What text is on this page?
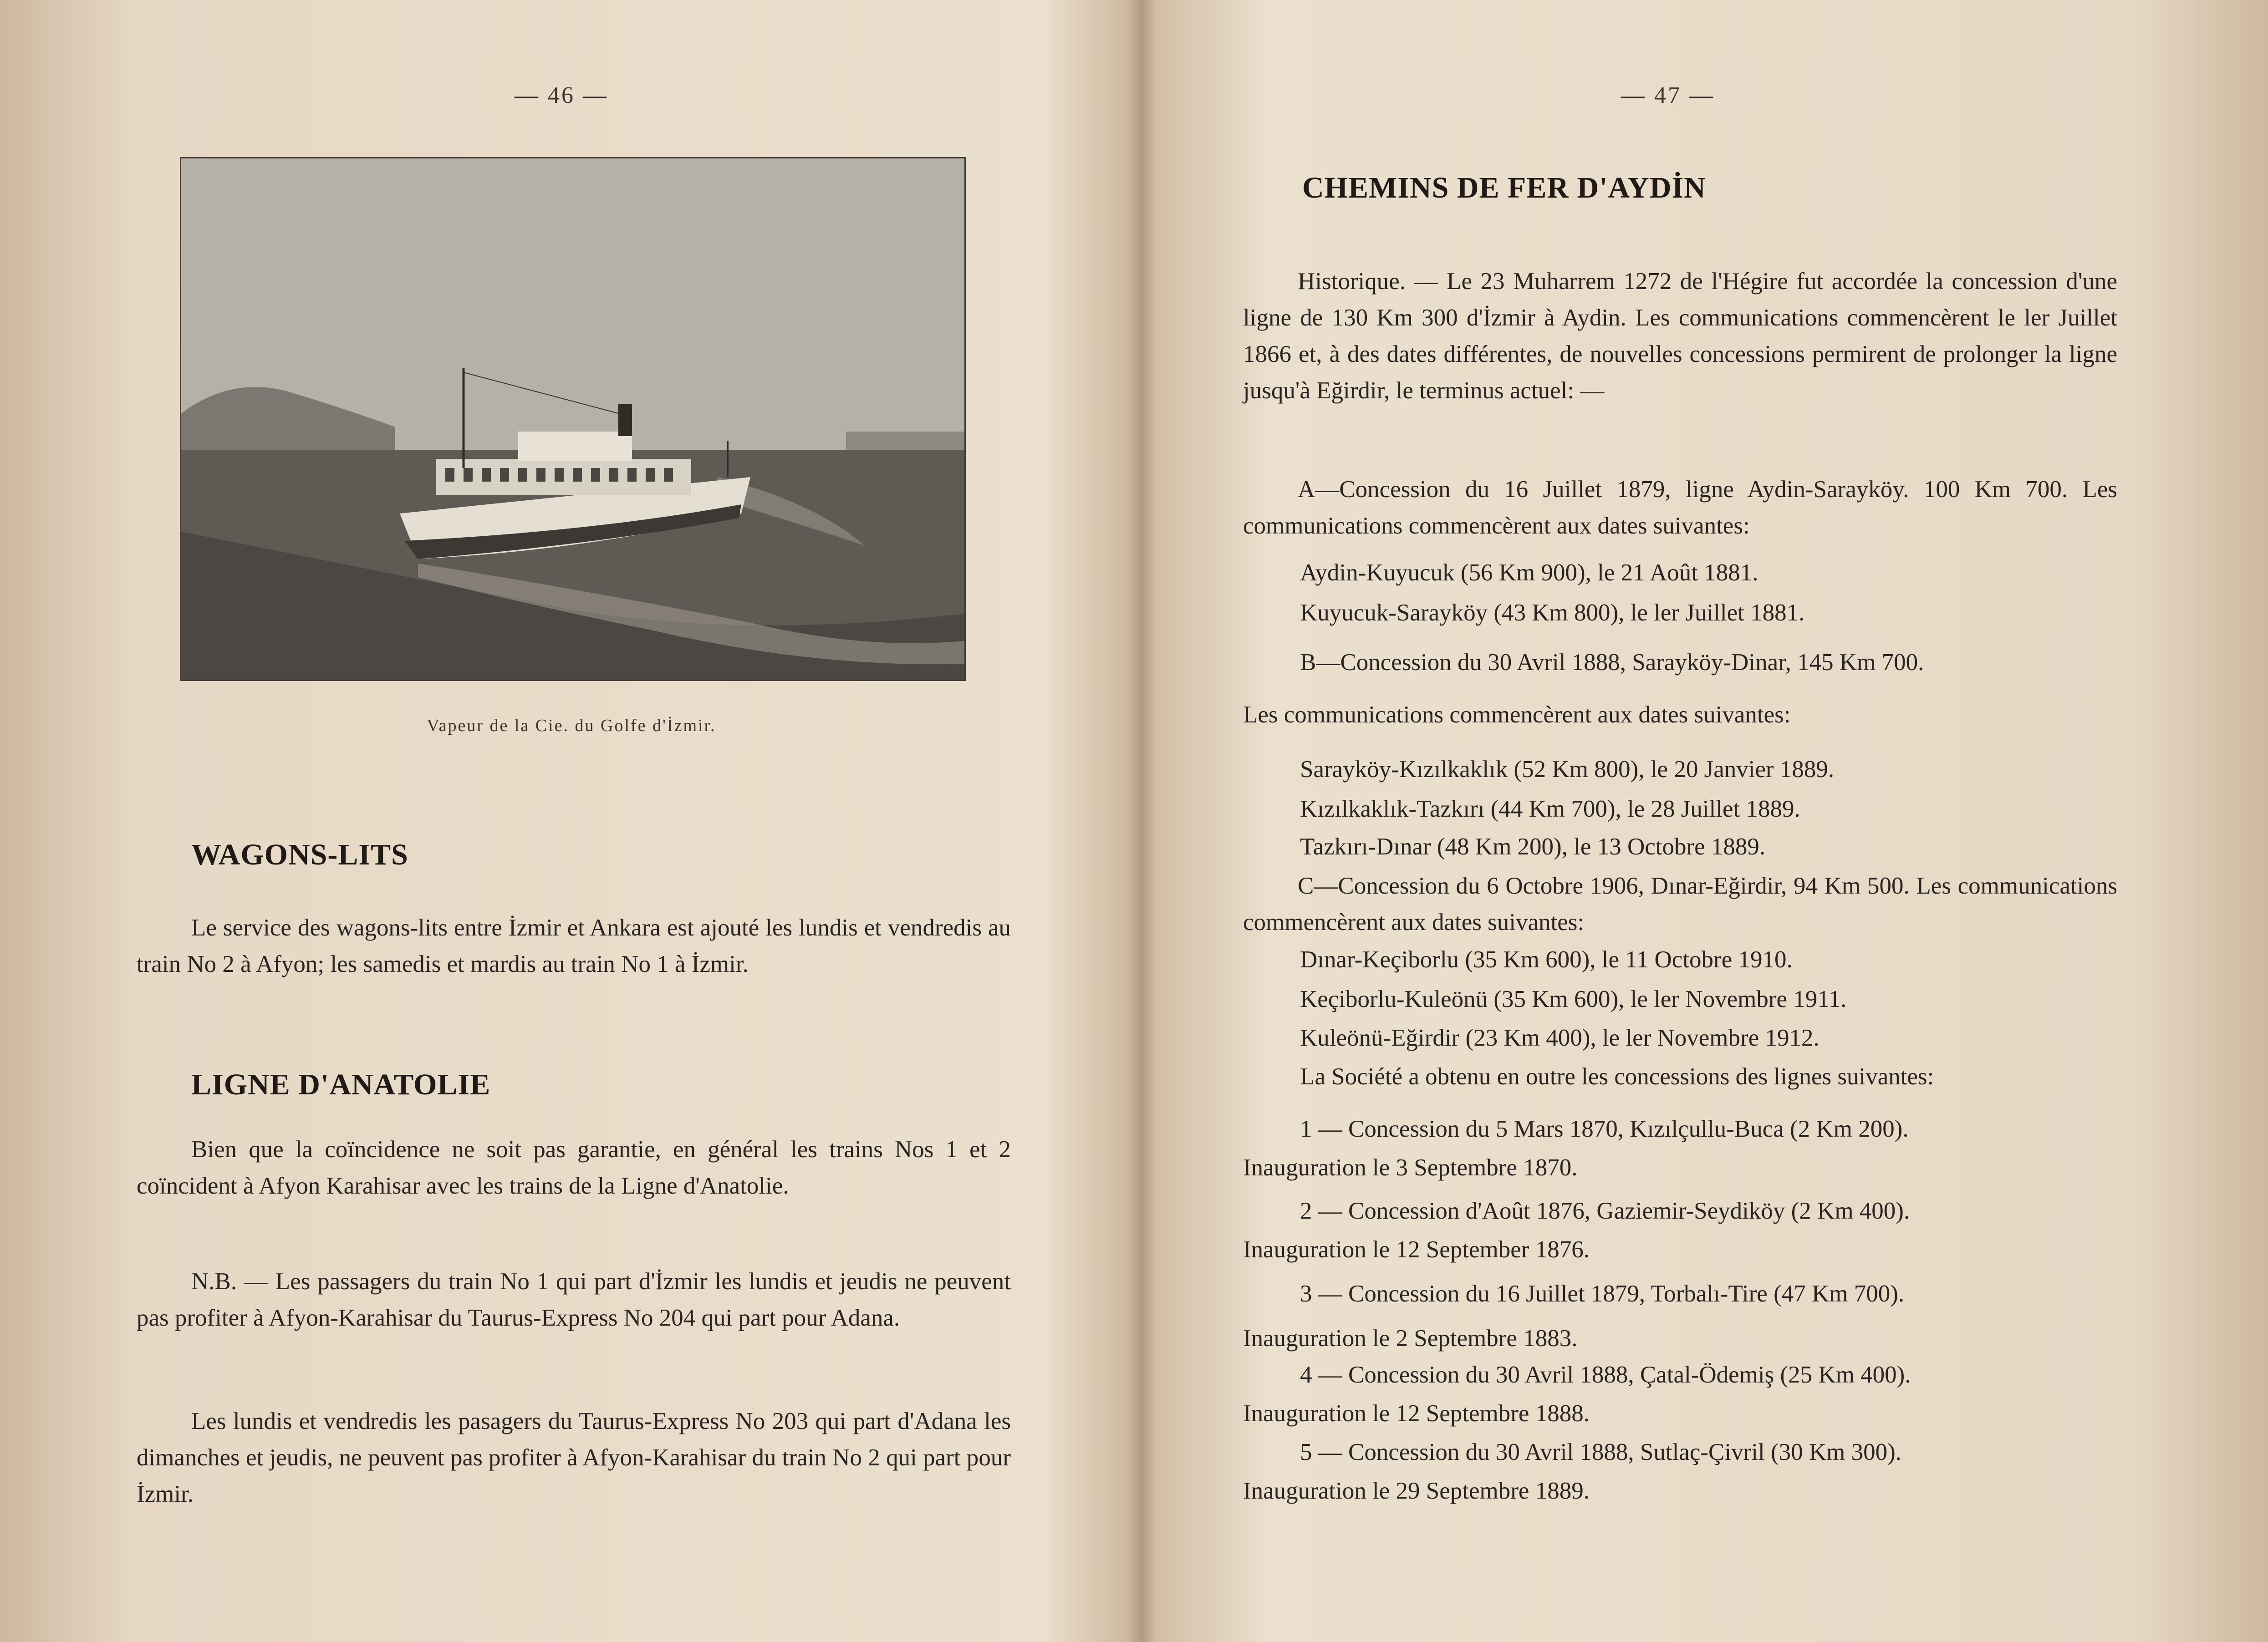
— 46 —
Vapeur de la Cie. du Golfe d'İzmir.
WAGONS-LITS
Le service des wagons-lits entre İzmir et Ankara est ajouté les lundis et vendredis au train No 2 à Afyon; les samedis et mardis au train No 1 à İzmir.
LIGNE D'ANATOLIE
Bien que la coïncidence ne soit pas garantie, en général les trains Nos 1 et 2 coïncident à Afyon Karahisar avec les trains de la Ligne d'Anatolie.
N.B. — Les passagers du train No 1 qui part d'İzmir les lundis et jeudis ne peuvent pas profiter à Afyon-Karahisar du Taurus-Express No 204 qui part pour Adana.
Les lundis et vendredis les pasagers du Taurus-Express No 203 qui part d'Adana les dimanches et jeudis, ne peuvent pas profiter à Afyon-Karahisar du train No 2 qui part pour İzmir.
— 47 —
CHEMINS DE FER D'AYDİN
Historique. — Le 23 Muharrem 1272 de l'Hégire fut accordée la concession d'une ligne de 130 Km 300 d'İzmir à Aydin. Les communications commencèrent le ler Juillet 1866 et, à des dates différentes, de nouvelles concessions permirent de prolonger la ligne jusqu'à Eğirdir, le terminus actuel: —
A—Concession du 16 Juillet 1879, ligne Aydin-Sarayköy. 100 Km 700. Les communications commencèrent aux dates suivantes:
Aydin-Kuyucuk (56 Km 900), le 21 Août 1881.
Kuyucuk-Sarayköy (43 Km 800), le ler Juillet 1881.
B—Concession du 30 Avril 1888, Sarayköy-Dinar, 145 Km 700.
Les communications commencèrent aux dates suivantes:
Sarayköy-Kızılkaklık (52 Km 800), le 20 Janvier 1889.
Kızılkaklık-Tazkırı (44 Km 700), le 28 Juillet 1889.
Tazkırı-Dınar (48 Km 200), le 13 Octobre 1889.
C—Concession du 6 Octobre 1906, Dınar-Eğirdir, 94 Km 500. Les communications commencèrent aux dates suivantes:
Dınar-Keçiborlu (35 Km 600), le 11 Octobre 1910.
Keçiborlu-Kuleönü (35 Km 600), le ler Novembre 1911.
Kuleönü-Eğirdir (23 Km 400), le ler Novembre 1912.
La Société a obtenu en outre les concessions des lignes suivantes:
1 — Concession du 5 Mars 1870, Kızılçullu-Buca (2 Km 200).
Inauguration le 3 Septembre 1870.
2 — Concession d'Août 1876, Gaziemir-Seydiköy (2 Km 400).
Inauguration le 12 September 1876.
3 — Concession du 16 Juillet 1879, Torbalı-Tire (47 Km 700).
Inauguration le 2 Septembre 1883.
4 — Concession du 30 Avril 1888, Çatal-Ödemiş (25 Km 400).
Inauguration le 12 Septembre 1888.
5 — Concession du 30 Avril 1888, Sutlaç-Çivril (30 Km 300).
Inauguration le 29 Septembre 1889.
